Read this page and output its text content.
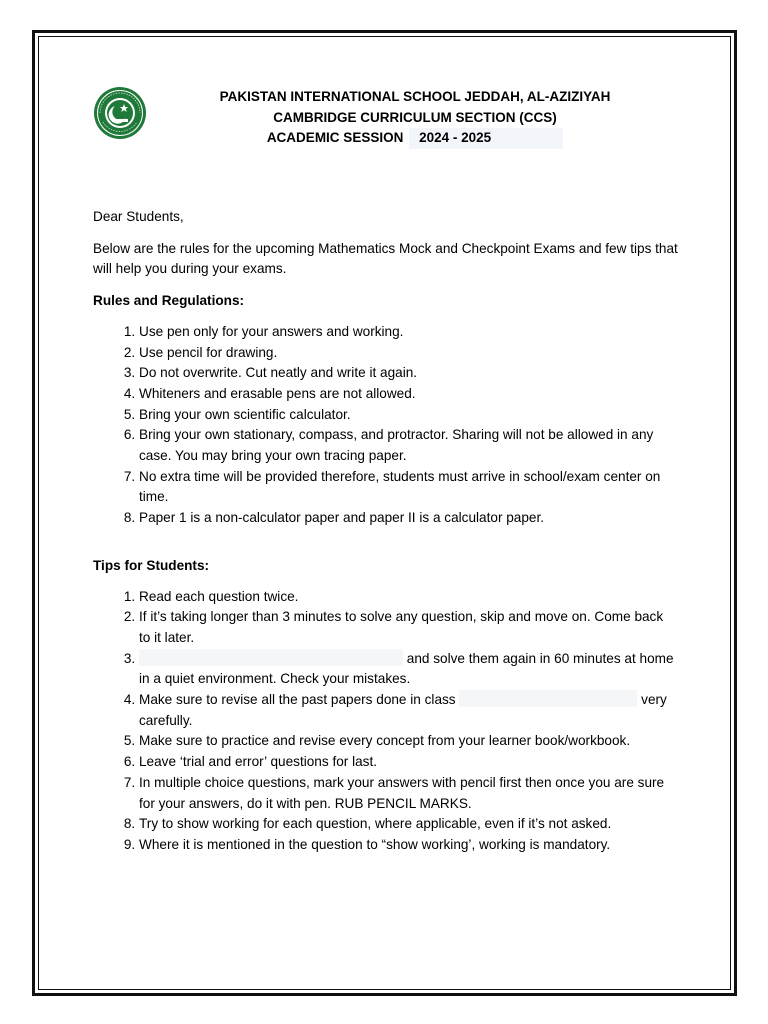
PAKISTAN INTERNATIONAL SCHOOL JEDDAH, AL-AZIZIYAH
CAMBRIDGE CURRICULUM SECTION (CCS)
ACADEMIC SESSION 2024 - 2025

Dear Students,

Below are the rules for the upcoming Mathematics Mock and Checkpoint Exams and few tips that will help you during your exams.

Rules and Regulations:

1. Use pen only for your answers and working.
2. Use pencil for drawing.
3. Do not overwrite. Cut neatly and write it again.
4. Whiteners and erasable pens are not allowed.
5. Bring your own scientific calculator.
6. Bring your own stationary, compass, and protractor. Sharing will not be allowed in any case. You may bring your own tracing paper.
7. No extra time will be provided therefore, students must arrive in school/exam center on time.
8. Paper 1 is a non-calculator paper and paper II is a calculator paper.

Tips for Students:

1. Read each question twice.
2. If it’s taking longer than 3 minutes to solve any question, skip and move on. Come back to it later.
3. and solve them again in 60 minutes at home in a quiet environment. Check your mistakes.
4. Make sure to revise all the past papers done in class	very carefully.
5. Make sure to practice and revise every concept from your learner book/workbook.
6. Leave ‘trial and error’ questions for last.
7. In multiple choice questions, mark your answers with pencil first then once you are sure for your answers, do it with pen. RUB PENCIL MARKS.
8. Try to show working for each question, where applicable, even if it’s not asked.
9. Where it is mentioned in the question to “show working’, working is mandatory.
